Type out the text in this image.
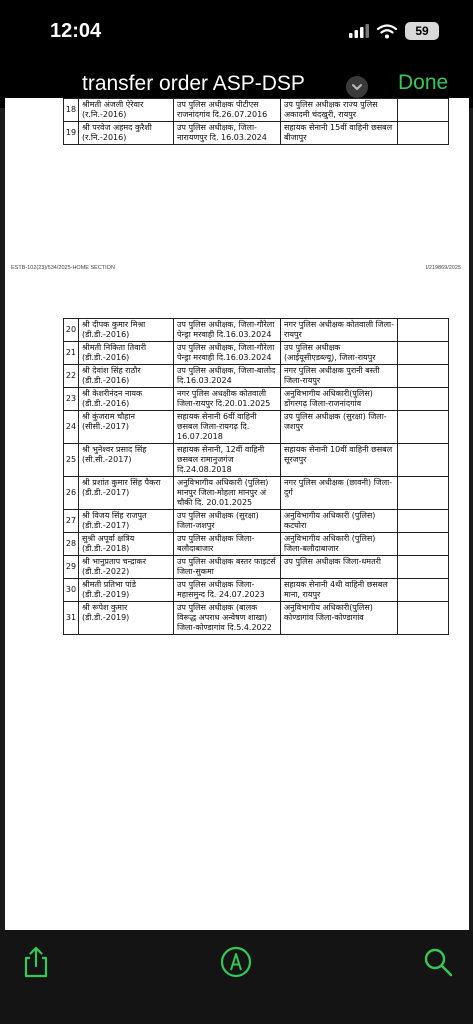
12:04	59
transfer order ASP-DSP	Done
18	श्रीमती अंजली ऐरेवार (र.नि.-2016)	उप पुलिस अधीक्षक पीटीएस राजनांदगांव दि.26.07.2016	उप पुलिस अधीक्षक राज्य पुलिस अकादमी चंदखुरी, रायपुर	
19	श्री परवेज अहमद कुरैशी (र.नि.-2016)	उप पुलिस अधीक्षक, जिला-नारायणपुर दि. 16.03.2024	सहायक सेनानी 15वीं वाहिनी छसबल बीजापुर	
ESTB-102(23)/534/2025-HOME SECTION	I/219869/2025
20	श्री दीपक कुमार मिश्रा (डी.डी.-2016)	उप पुलिस अधीक्षक, जिला-गौरेला पेन्ड्रा मरवाही दि.16.03.2024	नगर पुलिस अधीक्षक कोतवाली जिला-रायपुर	
21	श्रीमती निकिता तिवारी (डी.डी.-2016)	उप पुलिस अधीक्षक, जिला-गौरेला पेन्ड्रा मरवाही दि.16.03.2024	उप पुलिस अधीक्षक (आईयूसीएडब्ल्यू), जिला-रायपुर	
22	श्री देवांश सिंह राठौर (डी.डी.-2016)	उप पुलिस अधीक्षक, जिला-बालोद दि.16.03.2024	नगर पुलिस अधीक्षक पुरानी बस्ती जिला-रायपुर	
23	श्री केशरीनंदन नायक (डी.डी.-2016)	नगर पुलिस अधक्षीक कोतवाली जिला-रायपुर दि.20.01.2025	अनुविभागीय अधिकारी(पुलिस) डोंगरगढ़ जिला-राजनांदगांव	
24	श्री कुंजराम चौहान (सीसी.-2017)	सहायक सेनानी 6वीं वाहिनी छसबल जिला-रायगढ़ दि. 16.07.2018	उप पुलिस अधीक्षक (सुरक्षा) जिला-जशपुर	
25	श्री भुनेश्वर प्रसाद सिंह (सी.सी.-2017)	सहायक सेनानी, 12वीं वाहिनी छसबल रामानुजगंज दि.24.08.2018	सहायक सेनानी 10वीं वाहिनी छसबल सूरजपुर	
26	श्री प्रशांत कुमार सिंह पैकरा (डी.डी.-2017)	अनुविभागीय अधिकारी (पुलिस) मानपुर जिला-मोहला मानपुर अं चौकी दि. 20.01.2025	नगर पुलिस अधीक्षक (छावनी) जिला-दुर्ग	
27	श्री विजय सिंह राजपुत (डी.डी.-2017)	उप पुलिस अधीक्षक (सुरक्षा) जिला-जशपुर	अनुविभागीय अधिकारी (पुलिस) कटघोरा	
28	सुश्री अपूर्वा क्षत्रिय (डी.डी.-2018)	उप पुलिस अधीक्षक जिला-बलौदाबाजार	अनुविभागीय अधिकारी (पुलिस) जिला-बलौदाबाजार	
29	श्री भानुप्रताप चन्द्राकर (डी.डी.-2022)	उप पुलिस अधीक्षक बस्तर फाइटर्स जिला-सुकमा	उप पुलिस अधीक्षक जिला-धमतरी	
30	श्रीमती प्रतिभा पांडे (डी.डी.-2019)	उप पुलिस अधीक्षक जिला-महासमुन्द दि. 24.07.2023	सहायक सेनानी 4थी वाहिनी छसबल माना, रायपुर	
31	श्री रूपेश कुमार (डी.डी.-2019)	उप पुलिस अधीक्षक (बालक विरूद्ध अपराध अन्वेषण शाखा) जिला-कोण्डागांव दि.5.4.2022	अनुविभागीय अधिकारी(पुलिस) कोण्डागांव जिला-कोण्डागांव	
